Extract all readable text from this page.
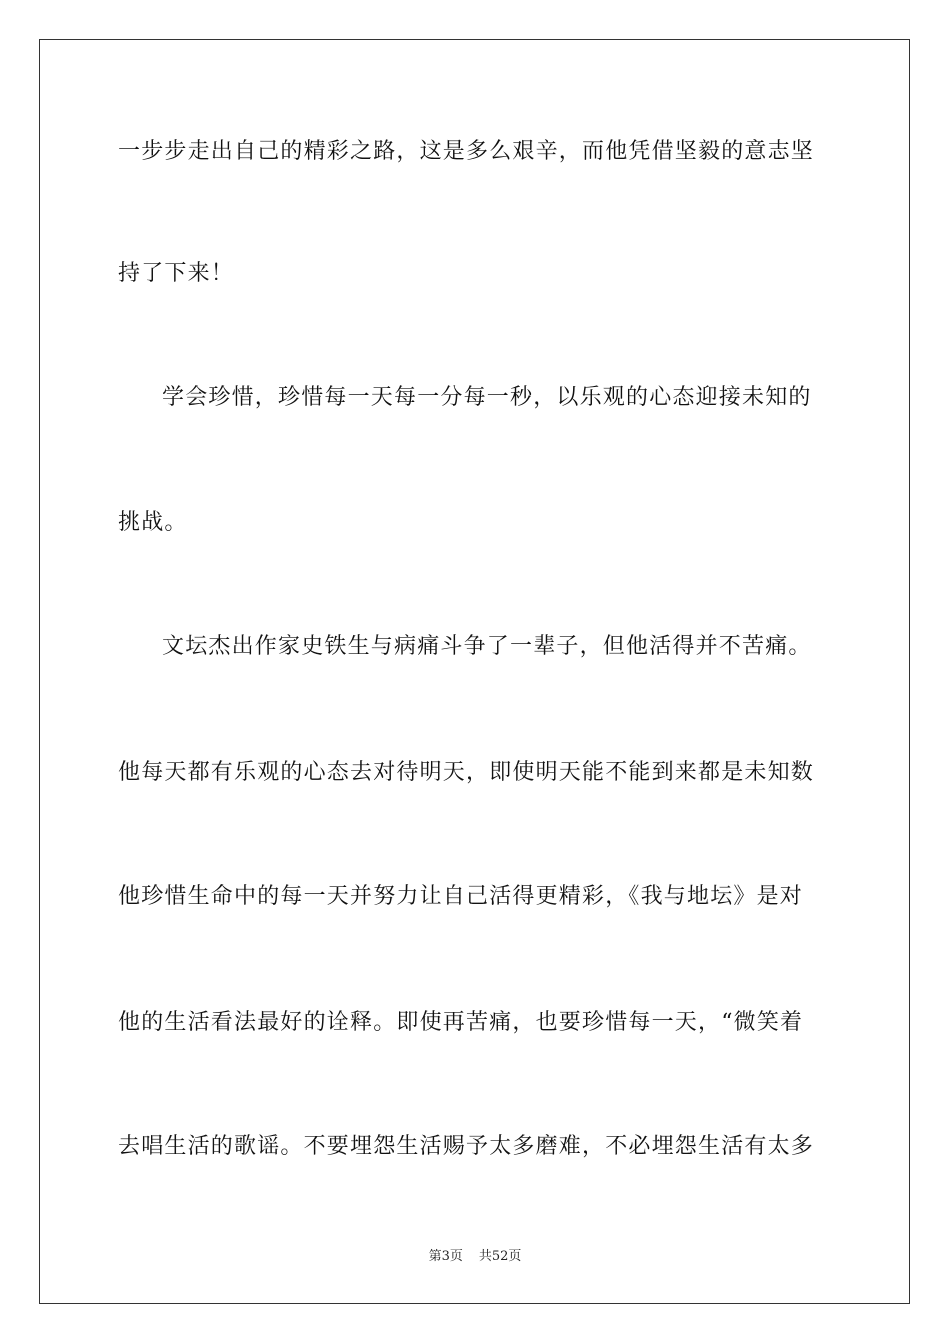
一步步走出自己的精彩之路，这是多么艰辛，而他凭借坚毅的意志坚
持了下来！
学会珍惜，珍惜每一天每一分每一秒，以乐观的心态迎接未知的
挑战。
文坛杰出作家史铁生与病痛斗争了一辈子，但他活得并不苦痛。
他每天都有乐观的心态去对待明天，即使明天能不能到来都是未知数
他珍惜生命中的每一天并努力让自己活得更精彩，《我与地坛》是对
他的生活看法最好的诠释。即使再苦痛，也要珍惜每一天，“微笑着
去唱生活的歌谣。不要埋怨生活赐予太多磨难，不必埋怨生活有太多
第3页 共52页
